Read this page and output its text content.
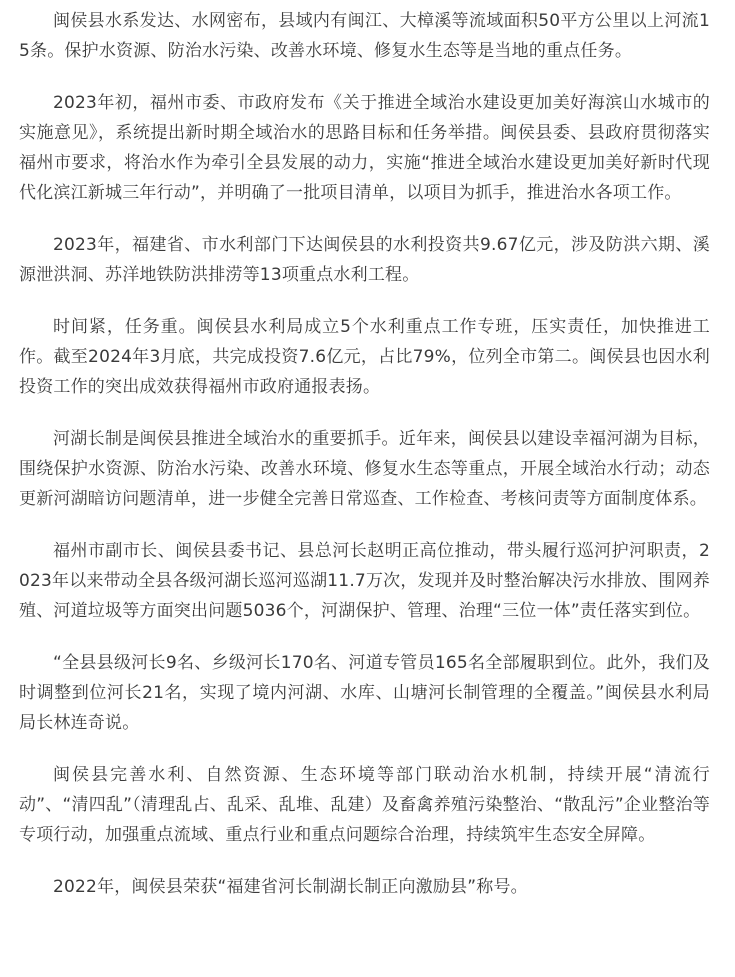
闽侯县水系发达、水网密布，县域内有闽江、大樟溪等流域面积50平方公里以上河流15条。保护水资源、防治水污染、改善水环境、修复水生态等是当地的重点任务。

2023年初，福州市委、市政府发布《关于推进全域治水建设更加美好海滨山水城市的实施意见》，系统提出新时期全域治水的思路目标和任务举措。闽侯县委、县政府贯彻落实福州市要求，将治水作为牵引全县发展的动力，实施“推进全域治水建设更加美好新时代现代化滨江新城三年行动”，并明确了一批项目清单，以项目为抓手，推进治水各项工作。

2023年，福建省、市水利部门下达闽侯县的水利投资共9.67亿元，涉及防洪六期、溪源泄洪洞、苏洋地铁防洪排涝等13项重点水利工程。

时间紧，任务重。闽侯县水利局成立5个水利重点工作专班，压实责任，加快推进工作。截至2024年3月底，共完成投资7.6亿元，占比79%，位列全市第二。闽侯县也因水利投资工作的突出成效获得福州市政府通报表扬。

河湖长制是闽侯县推进全域治水的重要抓手。近年来，闽侯县以建设幸福河湖为目标，围绕保护水资源、防治水污染、改善水环境、修复水生态等重点，开展全域治水行动；动态更新河湖暗访问题清单，进一步健全完善日常巡查、工作检查、考核问责等方面制度体系。

福州市副市长、闽侯县委书记、县总河长赵明正高位推动，带头履行巡河护河职责，2023年以来带动全县各级河湖长巡河巡湖11.7万次，发现并及时整治解决污水排放、围网养殖、河道垃圾等方面突出问题5036个，河湖保护、管理、治理“三位一体”责任落实到位。

“全县县级河长9名、乡级河长170名、河道专管员165名全部履职到位。此外，我们及时调整到位河长21名，实现了境内河湖、水库、山塘河长制管理的全覆盖。”闽侯县水利局局长林连奇说。

闽侯县完善水利、自然资源、生态环境等部门联动治水机制，持续开展“清流行动”、“清四乱”（清理乱占、乱采、乱堆、乱建）及畜禽养殖污染整治、“散乱污”企业整治等专项行动，加强重点流域、重点行业和重点问题综合治理，持续筑牢生态安全屏障。

2022年，闽侯县荣获“福建省河长制湖长制正向激励县”称号。
